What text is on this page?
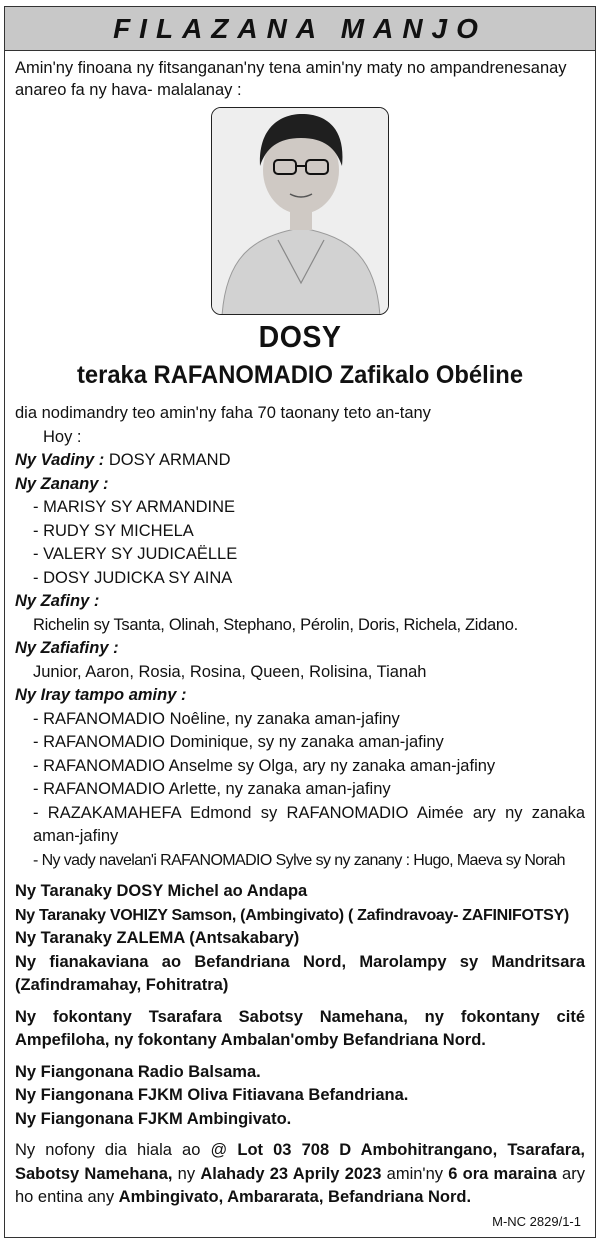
FILAZANA MANJO
Amin'ny finoana ny fitsanganan'ny tena amin'ny maty no ampandrenesanay anareo fa ny hava- malalanay :
DOSY
teraka RAFANOMADIO Zafikalo Obéline
dia nodimandry teo amin'ny faha 70 taonany teto an-tany
Hoy :
Ny Vadiny : DOSY ARMAND
Ny Zanany :
- MARISY SY ARMANDINE
- RUDY SY MICHELA
- VALERY SY JUDICAËLLE
- DOSY JUDICKA SY AINA
Ny Zafiny :
Richelin sy Tsanta, Olinah, Stephano, Pérolin, Doris, Richela, Zidano.
Ny Zafiafiny :
Junior, Aaron, Rosia, Rosina, Queen, Rolisina, Tianah
Ny Iray tampo aminy :
- RAFANOMADIO Noêline, ny zanaka aman-jafiny
- RAFANOMADIO Dominique, sy ny zanaka aman-jafiny
- RAFANOMADIO Anselme sy Olga, ary ny zanaka aman-jafiny
- RAFANOMADIO Arlette, ny zanaka aman-jafiny
- RAZAKAMAHEFA Edmond sy RAFANOMADIO Aimée ary ny zanaka aman-jafiny
- Ny vady navelan'i RAFANOMADIO Sylve sy ny zanany : Hugo, Maeva sy Norah
Ny Taranaky DOSY Michel ao Andapa
Ny Taranaky VOHIZY Samson, (Ambingivato) ( Zafindravoay- ZAFINIFOTSY)
Ny Taranaky ZALEMA (Antsakabary)
Ny fianakaviana ao Befandriana Nord, Marolampy sy Mandritsara (Zafindramahay, Fohitratra)
Ny fokontany Tsarafara Sabotsy Namehana, ny fokontany cité Ampefiloha, ny fokontany Ambalan'omby Befandriana Nord.
Ny Fiangonana Radio Balsama.
Ny Fiangonana FJKM Oliva Fitiavana Befandriana.
Ny Fiangonana FJKM Ambingivato.
Ny nofony dia hiala ao @ Lot 03 708 D Ambohitrangano, Tsarafara, Sabotsy Namehana, ny Alahady 23 Aprily 2023 amin'ny 6 ora maraina ary ho entina any Ambingivato, Ambararata, Befandriana Nord.
M-NC 2829/1-1
